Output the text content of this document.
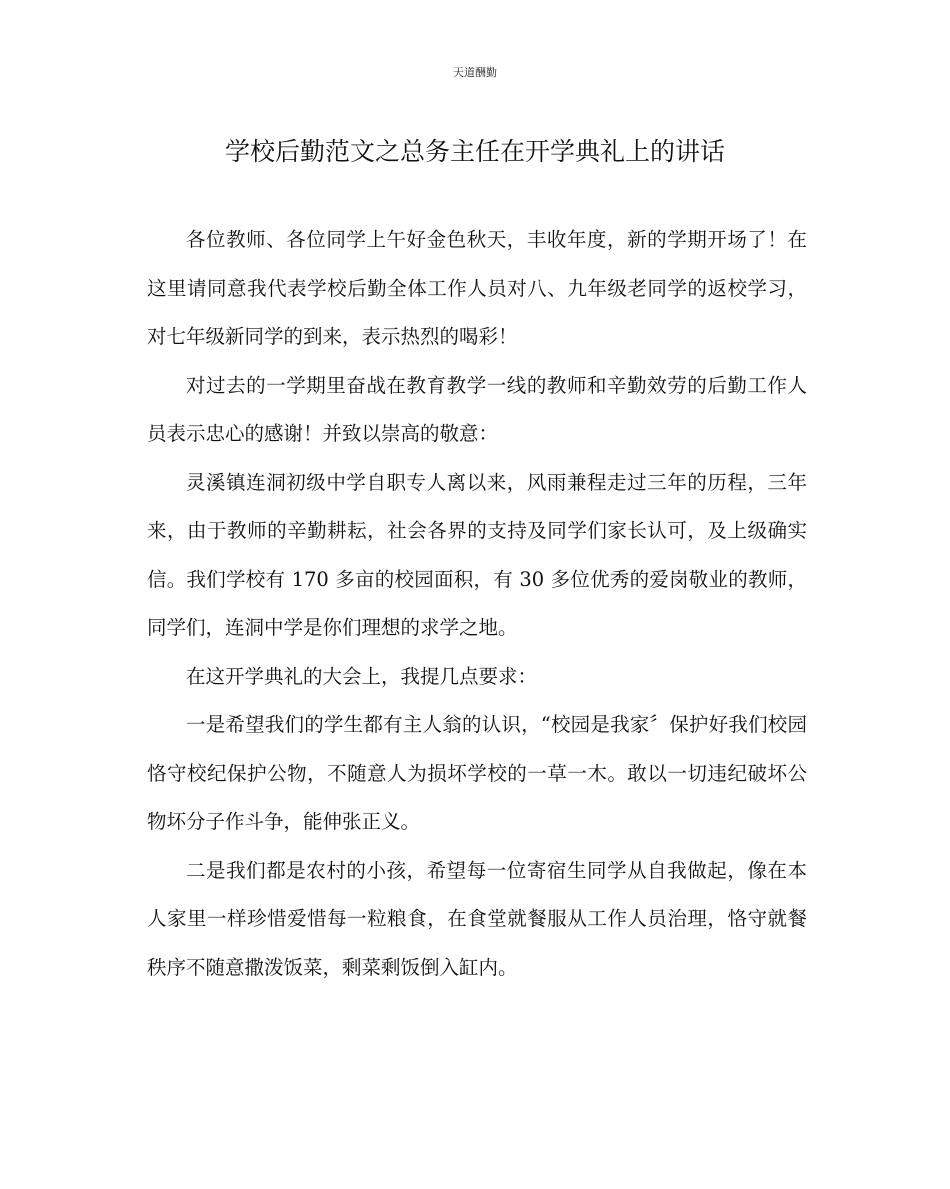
天道酬勤
学校后勤范文之总务主任在开学典礼上的讲话

各位教师、各位同学上午好金色秋天，丰收年度，新的学期开场了！在这里请同意我代表学校后勤全体工作人员对八、九年级老同学的返校学习，对七年级新同学的到来，表示热烈的喝彩！

对过去的一学期里奋战在教育教学一线的教师和辛勤效劳的后勤工作人员表示忠心的感谢！并致以崇高的敬意：

灵溪镇连洞初级中学自职专人离以来，风雨兼程走过三年的历程，三年来，由于教师的辛勤耕耘，社会各界的支持及同学们家长认可，及上级确实信。我们学校有 170 多亩的校园面积，有 30 多位优秀的爱岗敬业的教师，同学们，连洞中学是你们理想的求学之地。

在这开学典礼的大会上，我提几点要求：

一是希望我们的学生都有主人翁的认识，“校园是我家〞保护好我们校园恪守校纪保护公物，不随意人为损坏学校的一草一木。敢以一切违纪破坏公物坏分子作斗争，能伸张正义。

二是我们都是农村的小孩，希望每一位寄宿生同学从自我做起，像在本人家里一样珍惜爱惜每一粒粮食，在食堂就餐服从工作人员治理，恪守就餐秩序不随意撒泼饭菜，剩菜剩饭倒入缸内。
